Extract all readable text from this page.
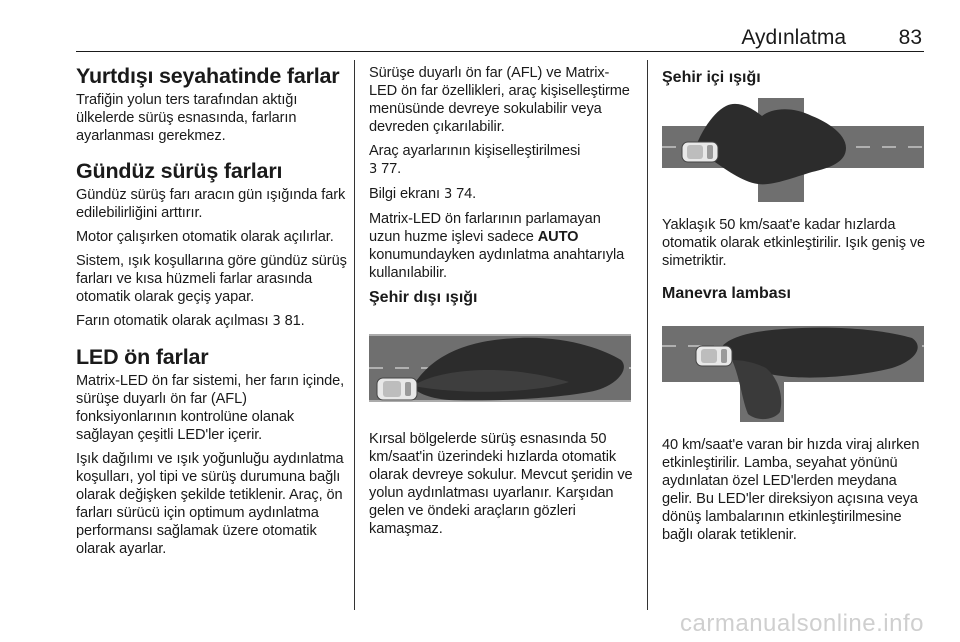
Aydınlatma	83
Yurtdışı seyahatinde farlar

Trafiğin yolun ters tarafından aktığı ülkelerde sürüş esnasında, farların ayarlanması gerekmez.

Gündüz sürüş farları

Gündüz sürüş farı aracın gün ışığında fark edilebilirliğini arttırır.

Motor çalışırken otomatik olarak açılırlar.

Sistem, ışık koşullarına göre gündüz sürüş farları ve kısa hüzmeli farlar arasında otomatik olarak geçiş yapar.

Farın otomatik olarak açılması 3 81.

LED ön farlar

Matrix-LED ön far sistemi, her farın içinde, sürüşe duyarlı ön far (AFL) fonksiyonlarının kontrolüne olanak sağlayan çeşitli LED'ler içerir.

Işık dağılımı ve ışık yoğunluğu aydınlatma koşulları, yol tipi ve sürüş durumuna bağlı olarak değişken şekilde tetiklenir. Araç, ön farları sürücü için optimum aydınlatma performansı sağlamak üzere otomatik olarak ayarlar.

Sürüşe duyarlı ön far (AFL) ve Matrix-LED ön far özellikleri, araç kişiselleştirme menüsünde devreye sokulabilir veya devreden çıkarılabilir.

Araç ayarlarının kişiselleştirilmesi
3 77.

Bilgi ekranı 3 74.

Matrix-LED ön farlarının parlamayan uzun huzme işlevi sadece AUTO konumundayken aydınlatma anahtarıyla kullanılabilir.

Şehir dışı ışığı

Kırsal bölgelerde sürüş esnasında 50 km/saat'in üzerindeki hızlarda otomatik olarak devreye sokulur. Mevcut şeridin ve yolun aydınlatması uyarlanır. Karşıdan gelen ve öndeki araçların gözleri kamaşmaz.

Şehir içi ışığı

Yaklaşık 50 km/saat'e kadar hızlarda otomatik olarak etkinleştirilir. Işık geniş ve simetriktir.

Manevra lambası

40 km/saat'e varan bir hızda viraj alırken etkinleştirilir. Lamba, seyahat yönünü aydınlatan özel LED'lerden meydana gelir. Bu LED'ler direksiyon açısına veya dönüş lambalarının etkinleştirilmesine bağlı olarak tetiklenir.

carmanualsonline.info
